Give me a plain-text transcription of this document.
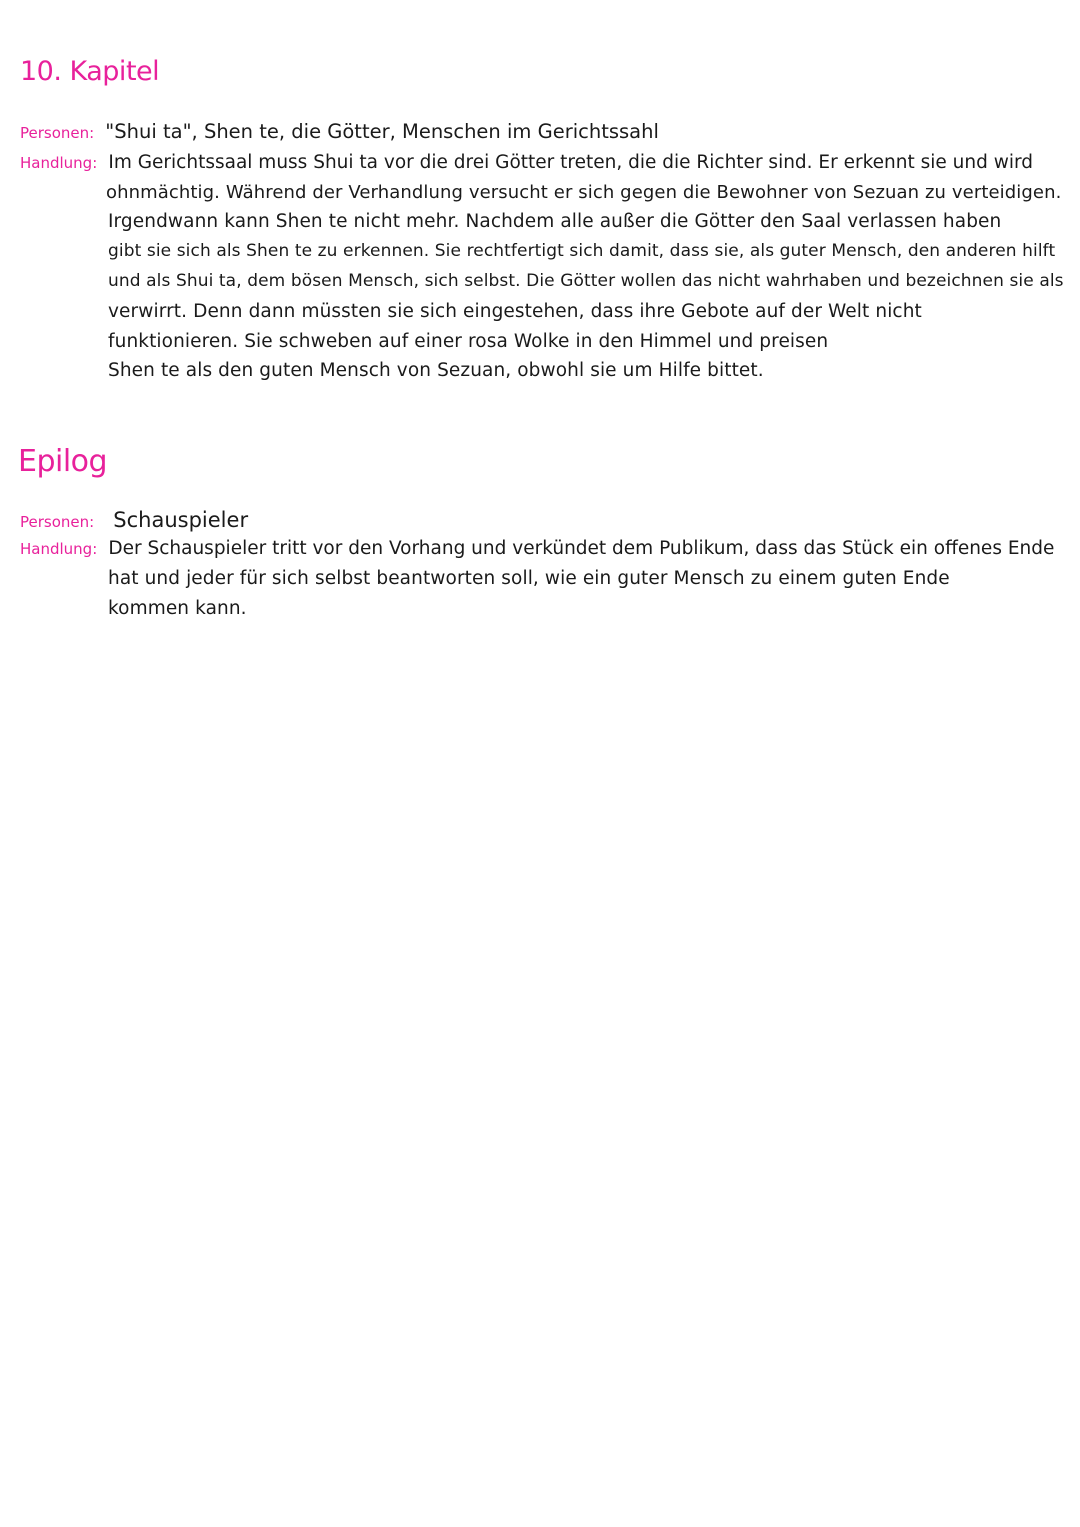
10. Kapitel
Personen: "Shui ta", Shen te, die Götter, Menschen im Gerichtssahl
Handlung: Im Gerichtssaal muss Shui ta vor die drei Götter treten, die die Richter sind. Er erkennt sie und wird
ohnmächtig. Während der Verhandlung versucht er sich gegen die Bewohner von Sezuan zu verteidigen.
Irgendwann kann Shen te nicht mehr. Nachdem alle außer die Götter den Saal verlassen haben
gibt sie sich als Shen te zu erkennen. Sie rechtfertigt sich damit, dass sie, als guter Mensch, den anderen hilft
und als Shui ta, dem bösen Mensch, sich selbst. Die Götter wollen das nicht wahrhaben und bezeichnen sie als
verwirrt. Denn dann müssten sie sich eingestehen, dass ihre Gebote auf der Welt nicht
funktionieren. Sie schweben auf einer rosa Wolke in den Himmel und preisen
Shen te als den guten Mensch von Sezuan, obwohl sie um Hilfe bittet.
Epilog
Personen: Schauspieler
Handlung: Der Schauspieler tritt vor den Vorhang und verkündet dem Publikum, dass das Stück ein offenes Ende
hat und jeder für sich selbst beantworten soll, wie ein guter Mensch zu einem guten Ende
kommen kann.
